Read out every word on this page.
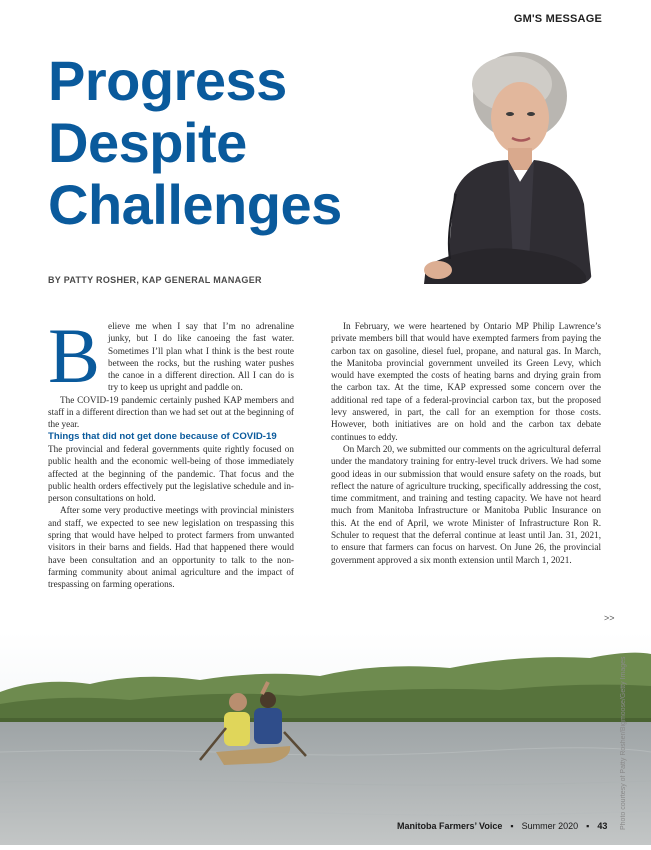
GM'S MESSAGE
Progress
Despite
Challenges
BY PATTY ROSHER, KAP GENERAL MANAGER

Believe me when I say that I’m no adrenaline junky, but I do like canoeing the fast water. Sometimes I’ll plan what I think is the best route between the rocks, but the rushing water pushes the canoe in a different direction. All I can do is try to keep us upright and paddle on.

The COVID-19 pandemic certainly pushed KAP members and staff in a different direction than we had set out at the beginning of the year.

Things that did not get done because of COVID-19

The provincial and federal governments quite rightly focused on public health and the economic well-being of those immediately affected at the beginning of the pandemic. That focus and the public health orders effectively put the legislative schedule and in-person consultations on hold.

After some very productive meetings with provincial ministers and staff, we expected to see new legislation on trespassing this spring that would have helped to protect farmers from unwanted visitors in their barns and fields. Had that happened there would have been consultation and an opportunity to talk to the non-farming community about animal agriculture and the impact of trespassing on farming operations.

In February, we were heartened by Ontario MP Philip Lawrence’s private members bill that would have exempted farmers from paying the carbon tax on gasoline, diesel fuel, propane, and natural gas. In March, the Manitoba provincial government unveiled its Green Levy, which would have exempted the costs of heating barns and drying grain from the carbon tax. At the time, KAP expressed some concern over the additional red tape of a federal-provincial carbon tax, but the proposed levy answered, in part, the call for an exemption for those costs. However, both initiatives are on hold and the carbon tax debate continues to eddy.

On March 20, we submitted our comments on the agricultural deferral under the mandatory training for entry-level truck drivers. We had some good ideas in our submission that would ensure safety on the roads, but reflect the nature of agriculture trucking, specifically addressing the cost, time commitment, and training and testing capacity. We have not heard much from Manitoba Infrastructure or Manitoba Public Insurance on this. At the end of April, we wrote Minister of Infrastructure Ron R. Schuler to request that the deferral continue at least until Jan. 31, 2021, to ensure that farmers can focus on harvest. On June 26, the provincial government approved a six month extension until March 1, 2021.

>>
Photo courtesy of Patty Rosher/Bigmoose/Getty Images
Manitoba Farmers’ Voice ▪ Summer 2020 ▪ 43
